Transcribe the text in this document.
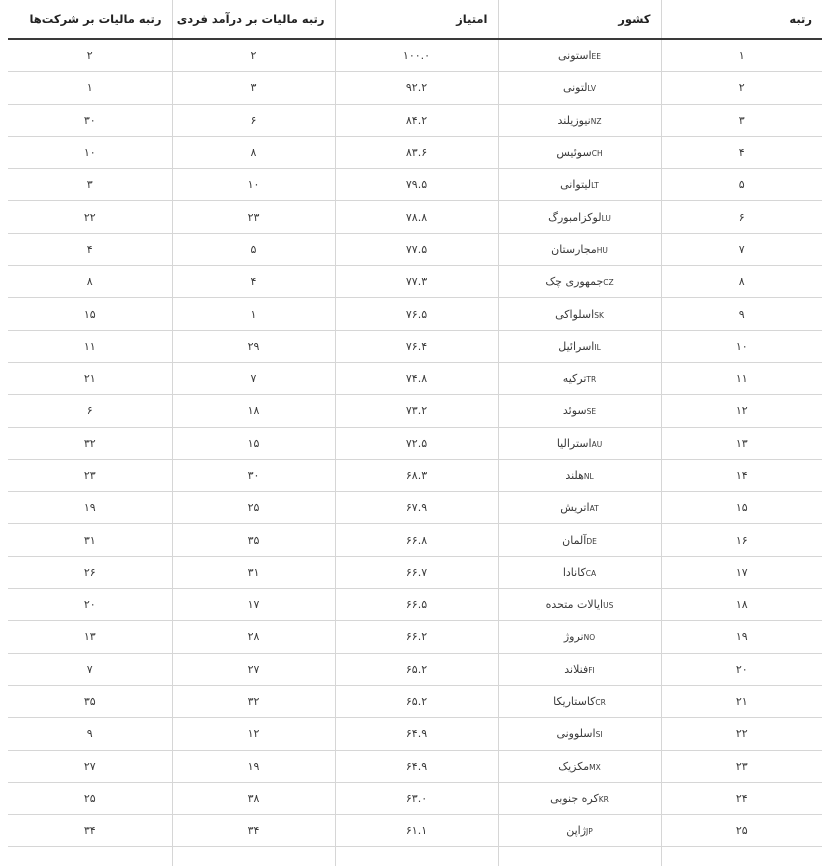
رتبه	کشور	امتیاز	رتبه مالیات بر درآمد فردی	رتبه مالیات بر شرکت‌ها
۱	EEاستونی	۱۰۰.۰	۲	۲
۲	LVلتونی	۹۲.۲	۳	۱
۳	NZنیوزیلند	۸۴.۲	۶	۳۰
۴	CHسوئیس	۸۳.۶	۸	۱۰
۵	LTلیتوانی	۷۹.۵	۱۰	۳
۶	LUلوکزامبورگ	۷۸.۸	۲۳	۲۲
۷	HUمجارستان	۷۷.۵	۵	۴
۸	CZجمهوری چک	۷۷.۳	۴	۸
۹	SKاسلواکی	۷۶.۵	۱	۱۵
۱۰	ILاسرائیل	۷۶.۴	۲۹	۱۱
۱۱	TRترکیه	۷۴.۸	۷	۲۱
۱۲	SEسوئد	۷۳.۲	۱۸	۶
۱۳	AUاسترالیا	۷۲.۵	۱۵	۳۲
۱۴	NLهلند	۶۸.۳	۳۰	۲۳
۱۵	ATاتریش	۶۷.۹	۲۵	۱۹
۱۶	DEآلمان	۶۶.۸	۳۵	۳۱
۱۷	CAکانادا	۶۶.۷	۳۱	۲۶
۱۸	USایالات متحده	۶۶.۵	۱۷	۲۰
۱۹	NOنروژ	۶۶.۲	۲۸	۱۳
۲۰	FIفنلاند	۶۵.۲	۲۷	۷
۲۱	CRکاستاریکا	۶۵.۲	۳۲	۳۵
۲۲	SIاسلوونی	۶۴.۹	۱۲	۹
۲۳	MXمکزیک	۶۴.۹	۱۹	۲۷
۲۴	KRکره جنوبی	۶۳.۰	۳۸	۲۵
۲۵	JPژاپن	۶۱.۱	۳۴	۳۴
